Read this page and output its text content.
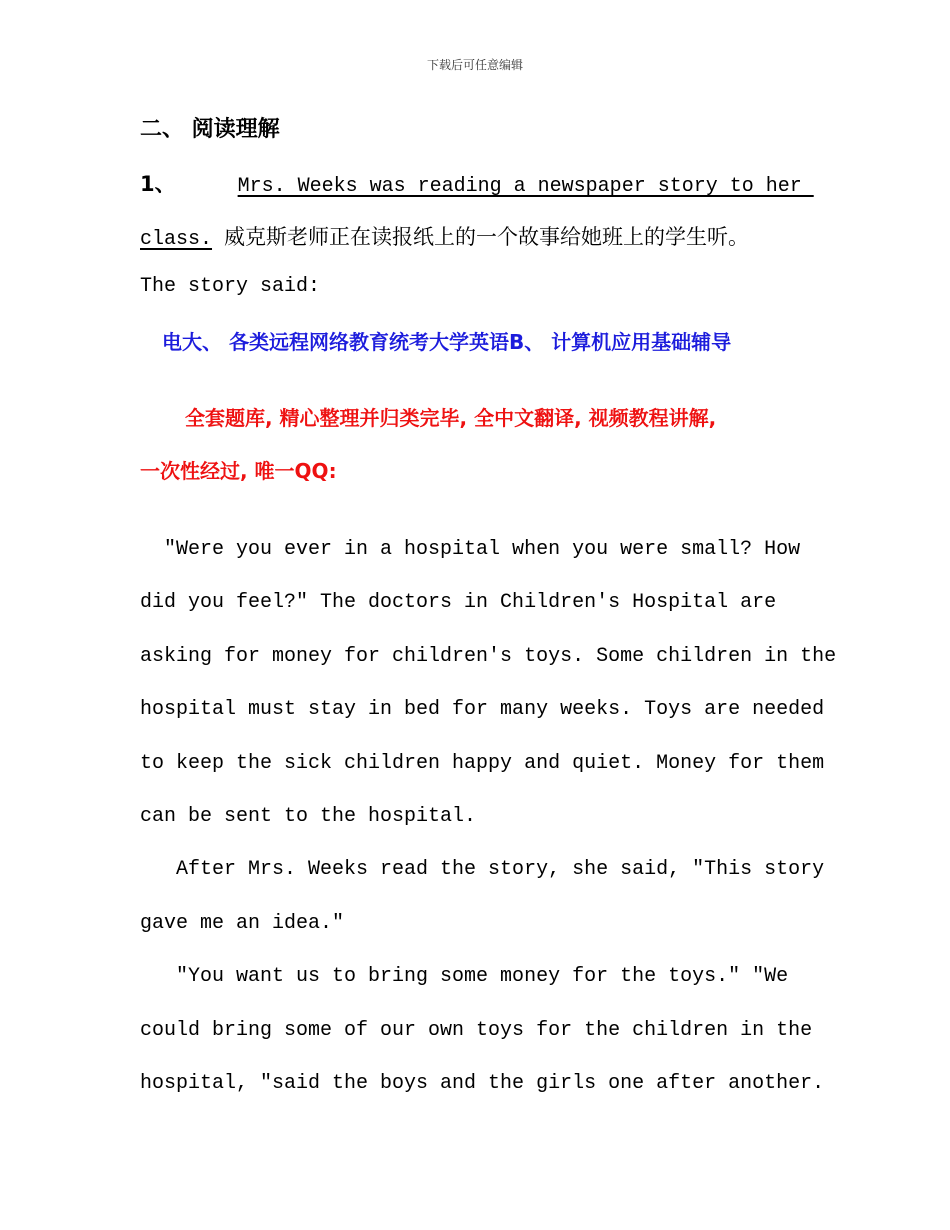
下载后可任意编辑
二、 阅读理解
1、	Mrs. Weeks was reading a newspaper story to her
class. 威克斯老师正在读报纸上的一个故事给她班上的学生听。
The story said:
电大、 各类远程网络教育统考大学英语B、 计算机应用基础辅导
全套题库, 精心整理并归类完毕, 全中文翻译, 视频教程讲解,
一次性经过, 唯一QQ:
"Were you ever in a hospital when you were small? How
did you feel?" The doctors in Children's Hospital are
asking for money for children's toys. Some children in the
hospital must stay in bed for many weeks. Toys are needed
to keep the sick children happy and quiet. Money for them
can be sent to the hospital.
After Mrs. Weeks read the story, she said, "This story
gave me an idea."
"You want us to bring some money for the toys." "We
could bring some of our own toys for the children in the
hospital, "said the boys and the girls one after another.
